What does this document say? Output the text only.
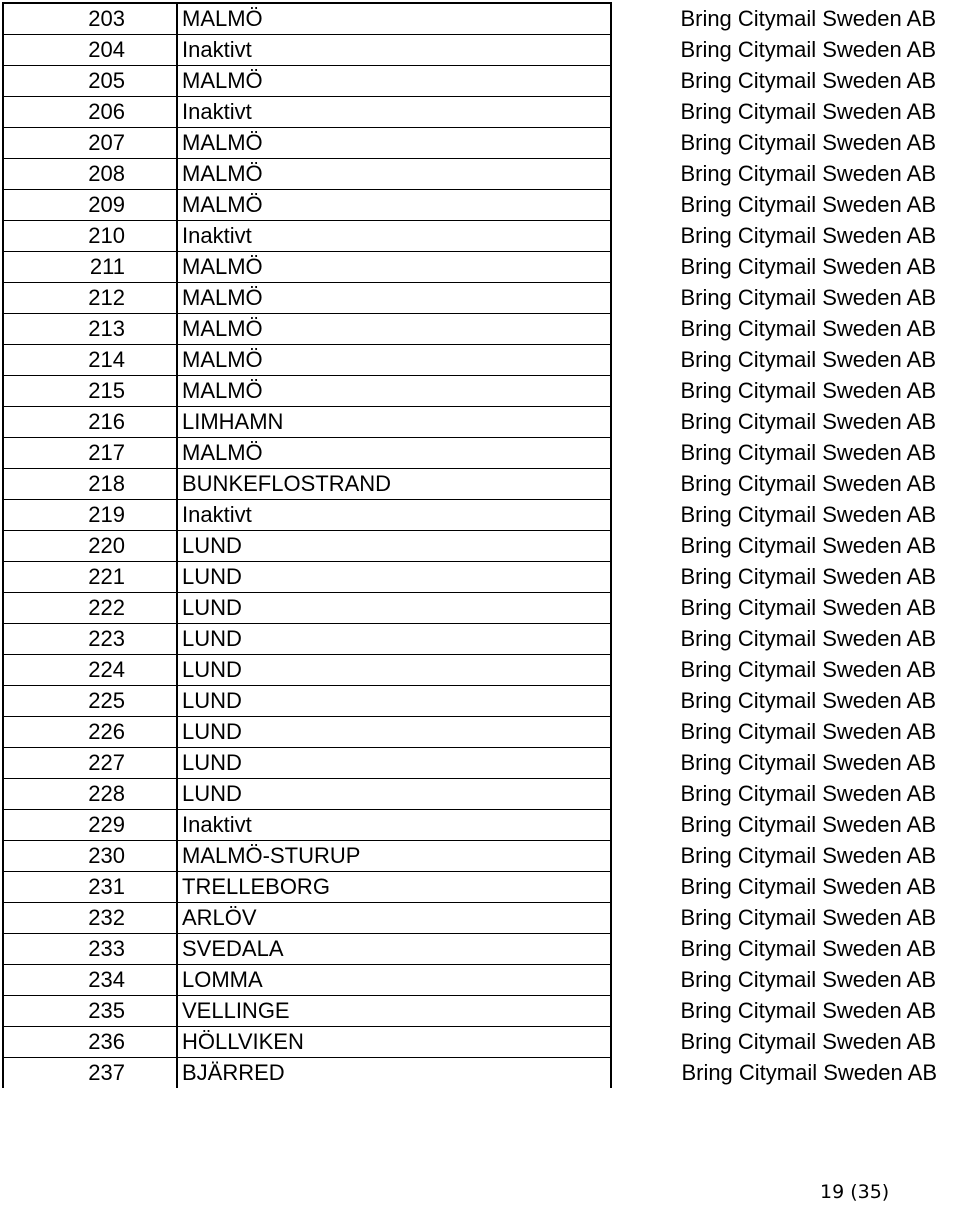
203	MALMÖ	Bring Citymail Sweden AB
204	Inaktivt	Bring Citymail Sweden AB
205	MALMÖ	Bring Citymail Sweden AB
206	Inaktivt	Bring Citymail Sweden AB
207	MALMÖ	Bring Citymail Sweden AB
208	MALMÖ	Bring Citymail Sweden AB
209	MALMÖ	Bring Citymail Sweden AB
210	Inaktivt	Bring Citymail Sweden AB
211	MALMÖ	Bring Citymail Sweden AB
212	MALMÖ	Bring Citymail Sweden AB
213	MALMÖ	Bring Citymail Sweden AB
214	MALMÖ	Bring Citymail Sweden AB
215	MALMÖ	Bring Citymail Sweden AB
216	LIMHAMN	Bring Citymail Sweden AB
217	MALMÖ	Bring Citymail Sweden AB
218	BUNKEFLOSTRAND	Bring Citymail Sweden AB
219	Inaktivt	Bring Citymail Sweden AB
220	LUND	Bring Citymail Sweden AB
221	LUND	Bring Citymail Sweden AB
222	LUND	Bring Citymail Sweden AB
223	LUND	Bring Citymail Sweden AB
224	LUND	Bring Citymail Sweden AB
225	LUND	Bring Citymail Sweden AB
226	LUND	Bring Citymail Sweden AB
227	LUND	Bring Citymail Sweden AB
228	LUND	Bring Citymail Sweden AB
229	Inaktivt	Bring Citymail Sweden AB
230	MALMÖ-STURUP	Bring Citymail Sweden AB
231	TRELLEBORG	Bring Citymail Sweden AB
232	ARLÖV	Bring Citymail Sweden AB
233	SVEDALA	Bring Citymail Sweden AB
234	LOMMA	Bring Citymail Sweden AB
235	VELLINGE	Bring Citymail Sweden AB
236	HÖLLVIKEN	Bring Citymail Sweden AB
237	BJÄRRED	Bring Citymail Sweden AB
19 (35)
